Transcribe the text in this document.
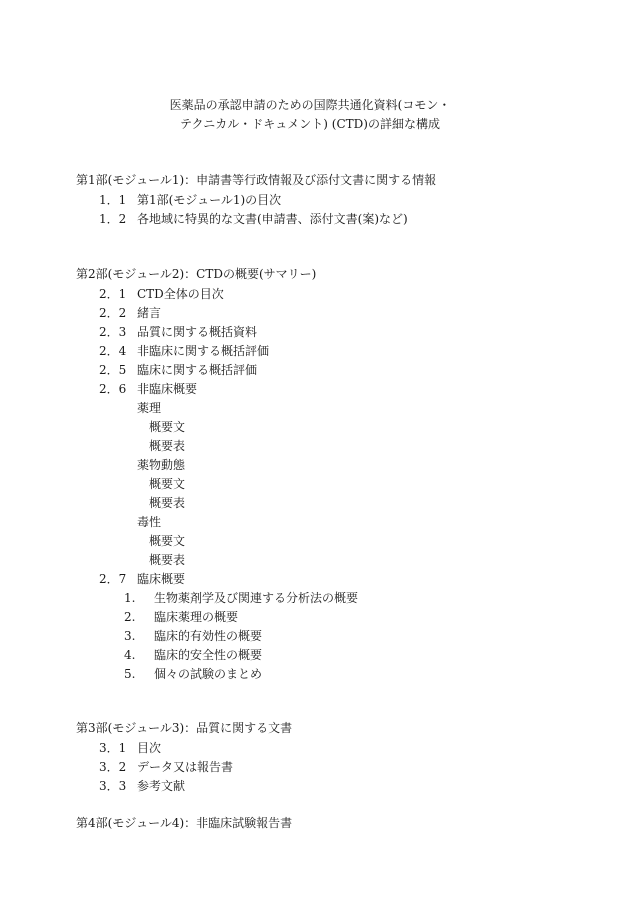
医薬品の承認申請のための国際共通化資料(コモン・
テクニカル・ドキュメント) (CTD)の詳細な構成
第1部(モジュール1)：申請書等行政情報及び添付文書に関する情報
1．1 第1部(モジュール1)の目次
1．2 各地域に特異的な文書(申請書、添付文書(案)など)
第2部(モジュール2)：CTDの概要(サマリー)
2．1 CTD全体の目次
2．2 緒言
2．3 品質に関する概括資料
2．4 非臨床に関する概括評価
2．5 臨床に関する概括評価
2．6 非臨床概要
薬理
概要文
概要表
薬物動態
概要文
概要表
毒性
概要文
概要表
2．7 臨床概要
1. 生物薬剤学及び関連する分析法の概要
2. 臨床薬理の概要
3. 臨床的有効性の概要
4. 臨床的安全性の概要
5. 個々の試験のまとめ
第3部(モジュール3)：品質に関する文書
3．1 目次
3．2 データ又は報告書
3．3 参考文献
第4部(モジュール4)：非臨床試験報告書
